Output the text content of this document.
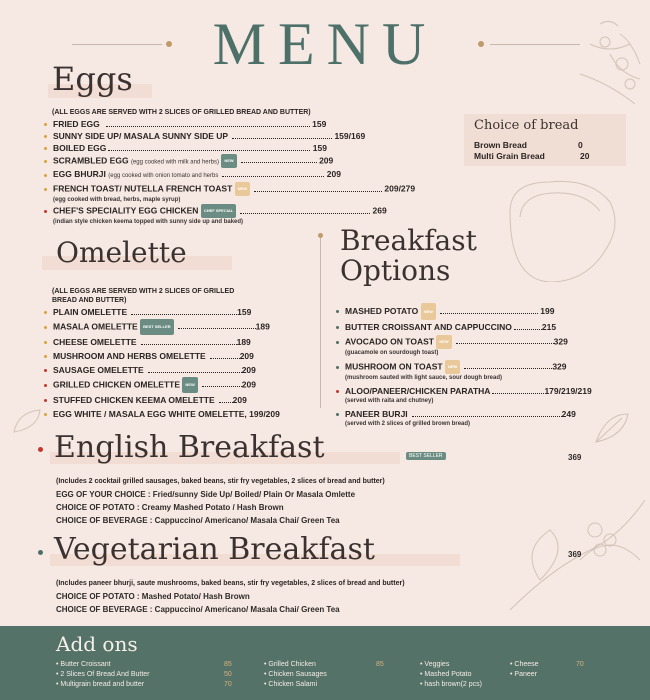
MENU
Eggs
(ALL EGGS ARE SERVED WITH 2 SLICES OF GRILLED BREAD AND BUTTER)
FRIED EGG	159
SUNNY SIDE UP/ MASALA SUNNY SIDE UP	159/169
BOILED EGG	159
SCRAMBLED EGG (egg cooked with milk and herbs) NEW	209
EGG BHURJI (egg cooked with onion tomato and herbs	209
FRENCH TOAST/ NUTELLA FRENCH TOAST NEW	209/279
(egg cooked with bread, herbs, maple syrup)
CHEF'S SPECIALITY EGG CHICKEN CHEF SPECIAL	269
(indian style chicken keema topped with sunny side up and baked)
Choice of bread
Brown Bread	0
Multi Grain Bread	20
Omelette
(ALL EGGS ARE SERVED WITH 2 SLICES OF GRILLED
BREAD AND BUTTER)
PLAIN OMELETTE	159
MASALA OMELETTE BEST SELLER	189
CHEESE OMELETTE	189
MUSHROOM AND HERBS OMELETTE	209
SAUSAGE OMELETTE	209
GRILLED CHICKEN OMELETTE NEW	209
STUFFED CHICKEN KEEMA OMELETTE 209
EGG WHITE / MASALA EGG WHITE OMELETTE, 199/209
Breakfast
Options
MASHED POTATO NEW	199
BUTTER CROISSANT AND CAPPUCCINO	215
AVOCADO ON TOAST NEW	329
(guacamole on sourdough toast)
MUSHROOM ON TOAST NEW	329
(mushroom sauted with light sauce, sour dough bread)
ALOO/PANEER/CHICKEN PARATHA	179/219/219
(served with raita and chutney)
PANEER BURJI	249
(served with 2 slices of grilled brown bread)
English Breakfast	BEST SELLER	369
(Includes 2 cocktail grilled sausages, baked beans, stir fry vegetables, 2 slices of bread and butter)
EGG OF YOUR CHOICE : Fried/sunny Side Up/ Boiled/ Plain Or Masala Omlette
CHOICE OF POTATO : Creamy Mashed Potato / Hash Brown
CHOICE OF BEVERAGE : Cappuccino/ Americano/ Masala Chai/ Green Tea
Vegetarian Breakfast	369
(Includes paneer bhurji, saute mushrooms, baked beans, stir fry vegetables, 2 slices of bread and butter)
CHOICE OF POTATO : Mashed Potato/ Hash Brown
CHOICE OF BEVERAGE : Cappuccino/ Americano/ Masala Chai/ Green Tea
Add ons
• Butter Croissant	85
• 2 Slices Of Bread And Butter	50
• Multigrain bread and butter	70
• Grilled Chicken	85
• Chicken Sausages
• Chicken Salami
• Veggies
• Mashed Potato
• hash brown(2 pcs)
• Cheese	70
• Paneer
